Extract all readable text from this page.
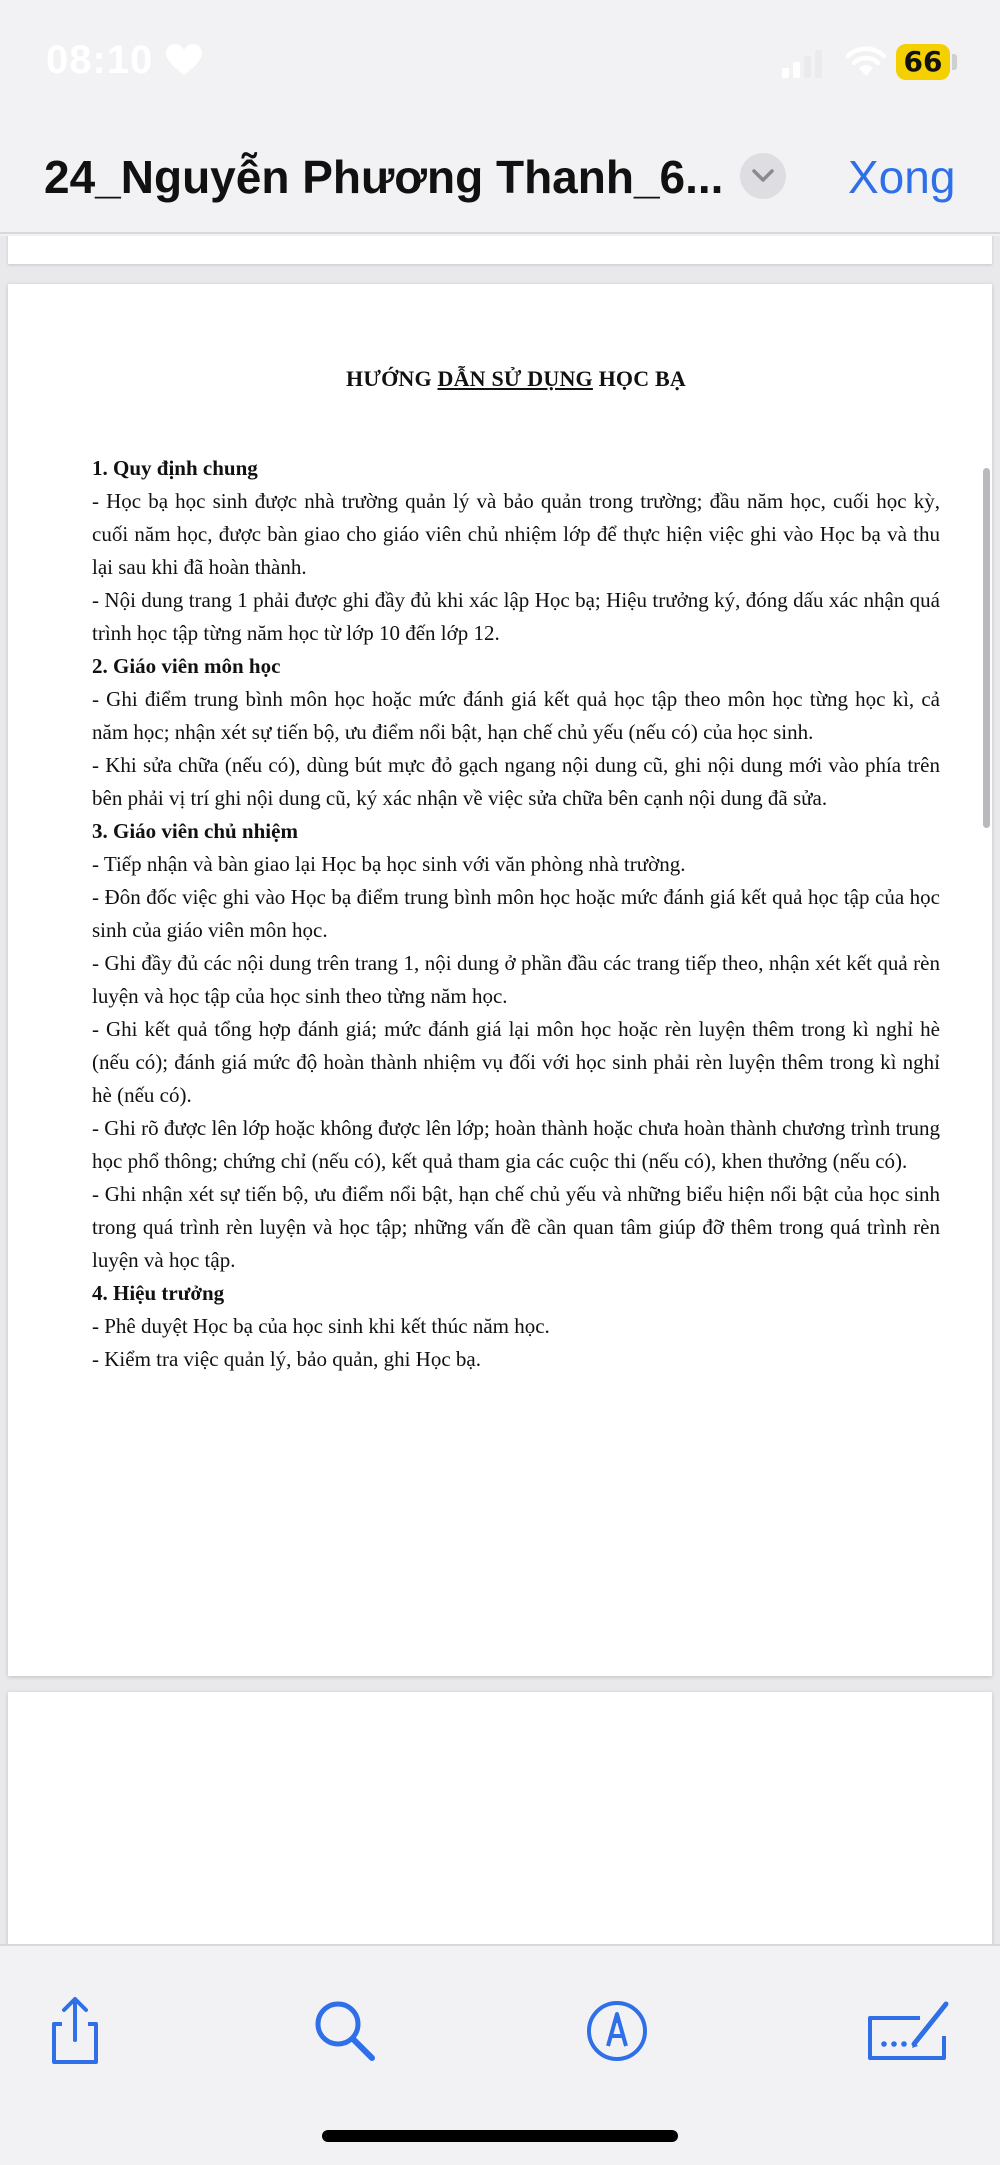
08:10	66
24_Nguyễn Phương Thanh_6...	Xong
HƯỚNG DẪN SỬ DỤNG HỌC BẠ
1. Quy định chung

- Học bạ học sinh được nhà trường quản lý và bảo quản trong trường; đầu năm học, cuối học kỳ, cuối năm học, được bàn giao cho giáo viên chủ nhiệm lớp để thực hiện việc ghi vào Học bạ và thu lại sau khi đã hoàn thành.

- Nội dung trang 1 phải được ghi đầy đủ khi xác lập Học bạ; Hiệu trưởng ký, đóng dấu xác nhận quá trình học tập từng năm học từ lớp 10 đến lớp 12.

2. Giáo viên môn học

- Ghi điểm trung bình môn học hoặc mức đánh giá kết quả học tập theo môn học từng học kì, cả năm học; nhận xét sự tiến bộ, ưu điểm nổi bật, hạn chế chủ yếu (nếu có) của học sinh.

- Khi sửa chữa (nếu có), dùng bút mực đỏ gạch ngang nội dung cũ, ghi nội dung mới vào phía trên bên phải vị trí ghi nội dung cũ, ký xác nhận về việc sửa chữa bên cạnh nội dung đã sửa.

3. Giáo viên chủ nhiệm

- Tiếp nhận và bàn giao lại Học bạ học sinh với văn phòng nhà trường.

- Đôn đốc việc ghi vào Học bạ điểm trung bình môn học hoặc mức đánh giá kết quả học tập của học sinh của giáo viên môn học.

- Ghi đầy đủ các nội dung trên trang 1, nội dung ở phần đầu các trang tiếp theo, nhận xét kết quả rèn luyện và học tập của học sinh theo từng năm học.

- Ghi kết quả tổng hợp đánh giá; mức đánh giá lại môn học hoặc rèn luyện thêm trong kì nghỉ hè (nếu có); đánh giá mức độ hoàn thành nhiệm vụ đối với học sinh phải rèn luyện thêm trong kì nghỉ hè (nếu có).

- Ghi rõ được lên lớp hoặc không được lên lớp; hoàn thành hoặc chưa hoàn thành chương trình trung học phổ thông; chứng chỉ (nếu có), kết quả tham gia các cuộc thi (nếu có), khen thưởng (nếu có).

- Ghi nhận xét sự tiến bộ, ưu điểm nổi bật, hạn chế chủ yếu và những biểu hiện nổi bật của học sinh trong quá trình rèn luyện và học tập; những vấn đề cần quan tâm giúp đỡ thêm trong quá trình rèn luyện và học tập.

4. Hiệu trưởng

- Phê duyệt Học bạ của học sinh khi kết thúc năm học.

- Kiểm tra việc quản lý, bảo quản, ghi Học bạ.
